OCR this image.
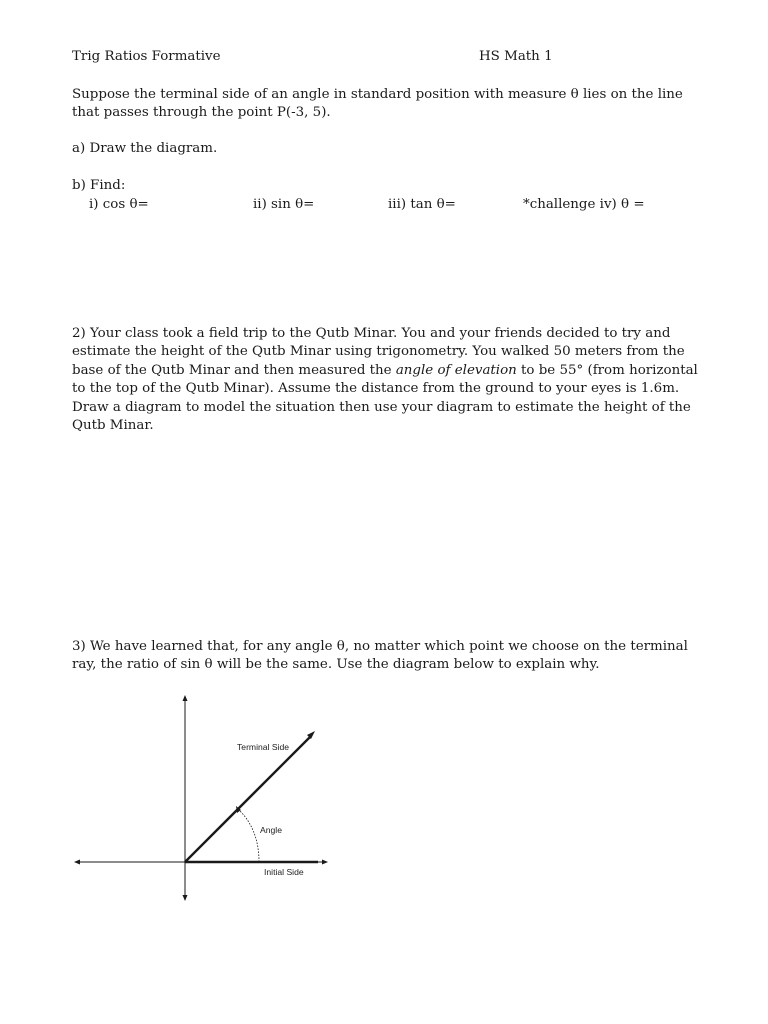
Trig Ratios Formative	HS Math 1
Suppose the terminal side of an angle in standard position with measure θ lies on the line that passes through the point P(-3, 5).
a) Draw the diagram.
b) Find:
i) cos θ=	ii) sin θ=	iii) tan θ=	*challenge iv) θ =

2) Your class took a field trip to the Qutb Minar. You and your friends decided to try and estimate the height of the Qutb Minar using trigonometry. You walked 50 meters from the base of the Qutb Minar and then measured the angle of elevation to be 55° (from horizontal to the top of the Qutb Minar). Assume the distance from the ground to your eyes is 1.6m.

Draw a diagram to model the situation then use your diagram to estimate the height of the Qutb Minar.

3) We have learned that, for any angle θ, no matter which point we choose on the terminal ray, the ratio of sin θ will be the same. Use the diagram below to explain why.
Terminal Side
Angle
Initial Side
